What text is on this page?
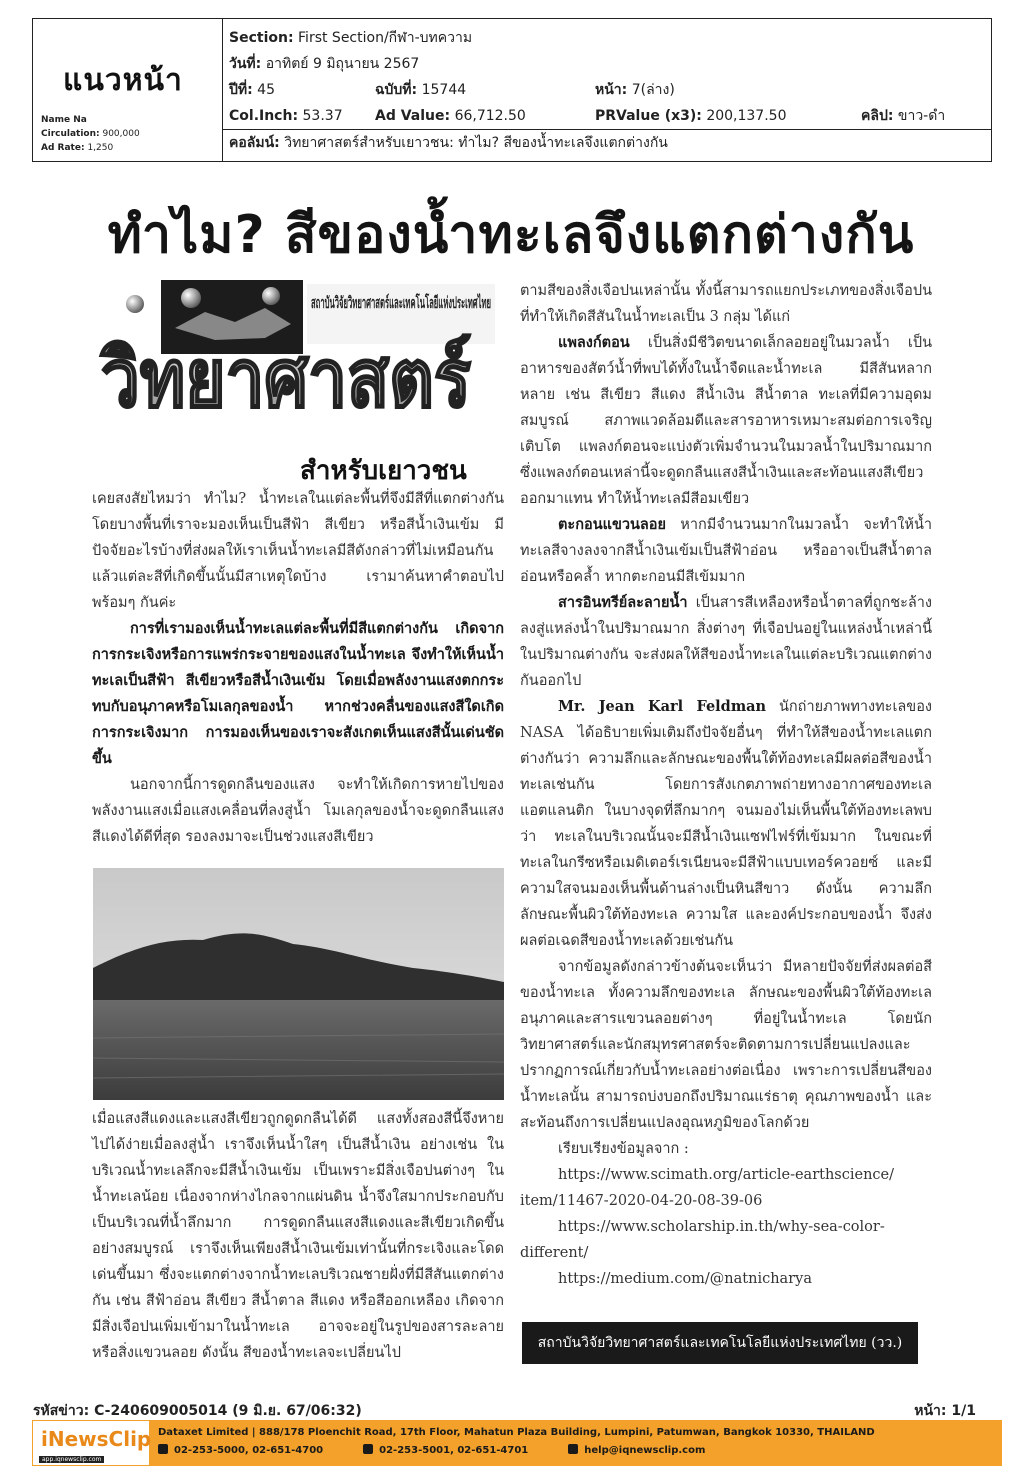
แนวหน้า
Name Na
Circulation: 900,000
Ad Rate: 1,250
Section: First Section/กีฬา-บทความ
วันที่: อาทิตย์ 9 มิถุนายน 2567
ปีที่: 45	ฉบับที่: 15744	หน้า: 7(ล่าง)
Col.Inch: 53.37 Ad Value: 66,712.50	PRValue (x3): 200,137.50	คลิป: ขาว-ดำ
คอลัมน์: วิทยาศาสตร์สำหรับเยาวชน: ทำไม? สีของน้ำทะเลจึงแตกต่างกัน
ทำไม? สีของน้ำทะเลจึงแตกต่างกัน
สถาบันวิจัยวิทยาศาสตร์และเทคโนโลยีแห่งประเทศไทย
วิทยาศาสตร์
สำหรับเยาวชน

เคยสงสัยไหมว่า ทำไม? น้ำทะเลในแต่ละพื้นที่จึงมีสีที่แตกต่างกัน โดยบางพื้นที่เราจะมองเห็นเป็นสีฟ้า สีเขียว หรือสีน้ำเงินเข้ม มีปัจจัยอะไรบ้างที่ส่งผลให้เราเห็นน้ำทะเลมีสีดังกล่าวที่ไม่เหมือนกัน แล้วแต่ละสีที่เกิดขึ้นนั้นมีสาเหตุใดบ้าง เรามาค้นหาคำตอบไปพร้อมๆ กันค่ะ

การที่เรามองเห็นน้ำทะเลแต่ละพื้นที่มีสีแตกต่างกัน เกิดจากการกระเจิงหรือการแพร่กระจายของแสงในน้ำทะเล จึงทำให้เห็นน้ำทะเลเป็นสีฟ้า สีเขียวหรือสีน้ำเงินเข้ม โดยเมื่อพลังงานแสงตกกระทบกับอนุภาคหรือโมเลกุลของน้ำ หากช่วงคลื่นของแสงสีใดเกิดการกระเจิงมาก การมองเห็นของเราจะสังเกตเห็นแสงสีนั้นเด่นชัดขึ้น

นอกจากนี้การดูดกลืนของแสง จะทำให้เกิดการหายไปของพลังงานแสงเมื่อแสงเคลื่อนที่ลงสู่น้ำ โมเลกุลของน้ำจะดูดกลืนแสงสีแดงได้ดีที่สุด รองลงมาจะเป็นช่วงแสงสีเขียว

เมื่อแสงสีแดงและแสงสีเขียวถูกดูดกลืนได้ดี แสงทั้งสองสีนี้จึงหายไปได้ง่ายเมื่อลงสู่น้ำ เราจึงเห็นน้ำใสๆ เป็นสีน้ำเงิน อย่างเช่น ในบริเวณน้ำทะเลลึกจะมีสีน้ำเงินเข้ม เป็นเพราะมีสิ่งเจือปนต่างๆ ในน้ำทะเลน้อย เนื่องจากห่างไกลจากแผ่นดิน น้ำจึงใสมากประกอบกับเป็นบริเวณที่น้ำลึกมาก การดูดกลืนแสงสีแดงและสีเขียวเกิดขึ้นอย่างสมบูรณ์ เราจึงเห็นเพียงสีน้ำเงินเข้มเท่านั้นที่กระเจิงและโดดเด่นขึ้นมา ซึ่งจะแตกต่างจากน้ำทะเลบริเวณชายฝั่งที่มีสีสันแตกต่างกัน เช่น สีฟ้าอ่อน สีเขียว สีน้ำตาล สีแดง หรือสีออกเหลือง เกิดจากมีสิ่งเจือปนเพิ่มเข้ามาในน้ำทะเล อาจจะอยู่ในรูปของสารละลายหรือสิ่งแขวนลอย ดังนั้น สีของน้ำทะเลจะเปลี่ยนไป

ตามสีของสิ่งเจือปนเหล่านั้น ทั้งนี้สามารถแยกประเภทของสิ่งเจือปนที่ทำให้เกิดสีสันในน้ำทะเลเป็น 3 กลุ่ม ได้แก่

แพลงก์ตอน เป็นสิ่งมีชีวิตขนาดเล็กลอยอยู่ในมวลน้ำ เป็นอาหารของสัตว์น้ำที่พบได้ทั้งในน้ำจืดและน้ำทะเล มีสีสันหลากหลาย เช่น สีเขียว สีแดง สีน้ำเงิน สีน้ำตาล ทะเลที่มีความอุดมสมบูรณ์ สภาพแวดล้อมดีและสารอาหารเหมาะสมต่อการเจริญเติบโต แพลงก์ตอนจะแบ่งตัวเพิ่มจำนวนในมวลน้ำในปริมาณมาก ซึ่งแพลงก์ตอนเหล่านี้จะดูดกลืนแสงสีน้ำเงินและสะท้อนแสงสีเขียวออกมาแทน ทำให้น้ำทะเลมีสีอมเขียว

ตะกอนแขวนลอย หากมีจำนวนมากในมวลน้ำ จะทำให้น้ำทะเลสีจางลงจากสีน้ำเงินเข้มเป็นสีฟ้าอ่อน หรืออาจเป็นสีน้ำตาลอ่อนหรือคล้ำ หากตะกอนมีสีเข้มมาก

สารอินทรีย์ละลายน้ำ เป็นสารสีเหลืองหรือน้ำตาลที่ถูกชะล้างลงสู่แหล่งน้ำในปริมาณมาก สิ่งต่างๆ ที่เจือปนอยู่ในแหล่งน้ำเหล่านี้ในปริมาณต่างกัน จะส่งผลให้สีของน้ำทะเลในแต่ละบริเวณแตกต่างกันออกไป

Mr. Jean Karl Feldman นักถ่ายภาพทางทะเลของ NASA ได้อธิบายเพิ่มเติมถึงปัจจัยอื่นๆ ที่ทำให้สีของน้ำทะเลแตกต่างกันว่า ความลึกและลักษณะของพื้นใต้ท้องทะเลมีผลต่อสีของน้ำทะเลเช่นกัน โดยการสังเกตภาพถ่ายทางอากาศของทะเลแอตแลนติก ในบางจุดที่ลึกมากๆ จนมองไม่เห็นพื้นใต้ท้องทะเลพบว่า ทะเลในบริเวณนั้นจะมีสีน้ำเงินแซฟไฟร์ที่เข้มมาก ในขณะที่ทะเลในกรีซหรือเมดิเตอร์เรเนียนจะมีสีฟ้าแบบเทอร์ควอยซ์ และมีความใสจนมองเห็นพื้นด้านล่างเป็นหินสีขาว ดังนั้น ความลึก ลักษณะพื้นผิวใต้ท้องทะเล ความใส และองค์ประกอบของน้ำ จึงส่งผลต่อเฉดสีของน้ำทะเลด้วยเช่นกัน

จากข้อมูลดังกล่าวข้างต้นจะเห็นว่า มีหลายปัจจัยที่ส่งผลต่อสีของน้ำทะเล ทั้งความลึกของทะเล ลักษณะของพื้นผิวใต้ท้องทะเล อนุภาคและสารแขวนลอยต่างๆ ที่อยู่ในน้ำทะเล โดยนักวิทยาศาสตร์และนักสมุทรศาสตร์จะติดตามการเปลี่ยนแปลงและปรากฏการณ์เกี่ยวกับน้ำทะเลอย่างต่อเนื่อง เพราะการเปลี่ยนสีของน้ำทะเลนั้น สามารถบ่งบอกถึงปริมาณแร่ธาตุ คุณภาพของน้ำ และสะท้อนถึงการเปลี่ยนแปลงอุณหภูมิของโลกด้วย

เรียบเรียงข้อมูลจาก :

https://www.scimath.org/article-earthscience/

item/11467-2020-04-20-08-39-06

https://www.scholarship.in.th/why-sea-color-

different/

https://medium.com/@natnicharya

สถาบันวิจัยวิทยาศาสตร์และเทคโนโลยีแห่งประเทศไทย (วว.)
รหัสข่าว: C-240609005014 (9 มิ.ย. 67/06:32)	หน้า: 1/1
iNewsClip
app.iqnewsclip.com
Dataxet Limited | 888/178 Ploenchit Road, 17th Floor, Mahatun Plaza Building, Lumpini, Patumwan, Bangkok 10330, THAILAND
02-253-5000, 02-651-4700	02-253-5001, 02-651-4701	help@iqnewsclip.com
